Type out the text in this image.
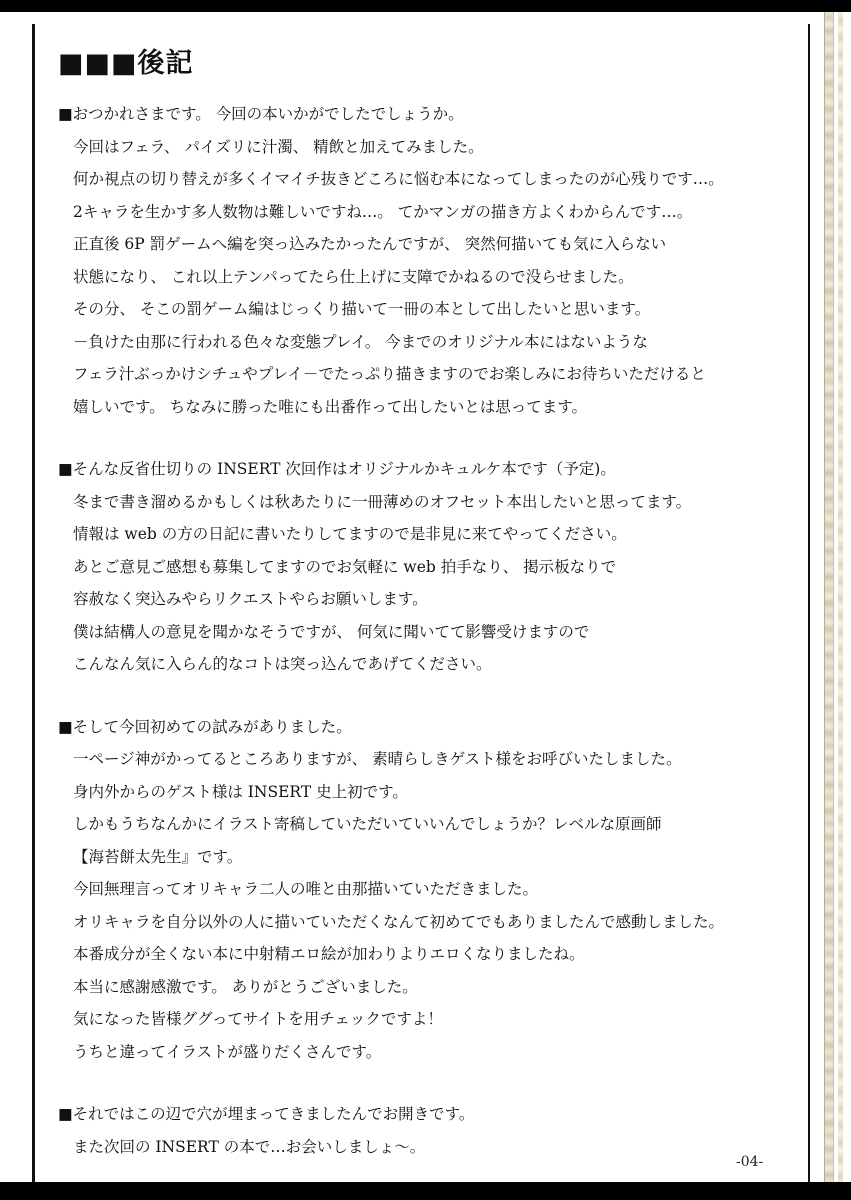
■■■後記
■おつかれさまです。 今回の本いかがでしたでしょうか。
今回はフェラ、 パイズリに汁濁、 精飲と加えてみました。
何か視点の切り替えが多くイマイチ抜きどころに悩む本になってしまったのが心残りです…。
2キャラを生かす多人数物は難しいですね…。 てかマンガの描き方よくわからんです…。
正直後 6P 罰ゲームへ編を突っ込みたかったんですが、 突然何描いても気に入らない
状態になり、 これ以上テンパってたら仕上げに支障でかねるので没らせました。
その分、 そこの罰ゲーム編はじっくり描いて一冊の本として出したいと思います。
－負けた由那に行われる色々な変態プレイ。 今までのオリジナル本にはないような
フェラ汁ぶっかけシチュやプレイ－でたっぷり描きますのでお楽しみにお待ちいただけると
嬉しいです。 ちなみに勝った唯にも出番作って出したいとは思ってます。
■そんな反省仕切りの INSERT 次回作はオリジナルかキュルケ本です（予定)。
冬まで書き溜めるかもしくは秋あたりに一冊薄めのオフセット本出したいと思ってます。
情報は web の方の日記に書いたりしてますので是非見に来てやってください。
あとご意見ご感想も募集してますのでお気軽に web 拍手なり、 掲示板なりで
容赦なく突込みやらリクエストやらお願いします。
僕は結構人の意見を聞かなそうですが、 何気に聞いてて影響受けますので
こんなん気に入らん的なコトは突っ込んであげてください。
■そして今回初めての試みがありました。
一ページ神がかってるところありますが、 素晴らしきゲスト様をお呼びいたしました。
身内外からのゲスト様は INSERT 史上初です。
しかもうちなんかにイラスト寄稿していただいていいんでしょうか？レベルな原画師
【海苔餅太先生』です。
今回無理言ってオリキャラ二人の唯と由那描いていただきました。
オリキャラを自分以外の人に描いていただくなんて初めてでもありましたんで感動しました。
本番成分が全くない本に中射精エロ絵が加わりよりエロくなりましたね。
本当に感謝感激です。 ありがとうございました。
気になった皆様ググってサイトを用チェックですよ！
うちと違ってイラストが盛りだくさんです。
■それではこの辺で穴が埋まってきましたんでお開きです。
また次回の INSERT の本で…お会いしましょ～。
-04-
